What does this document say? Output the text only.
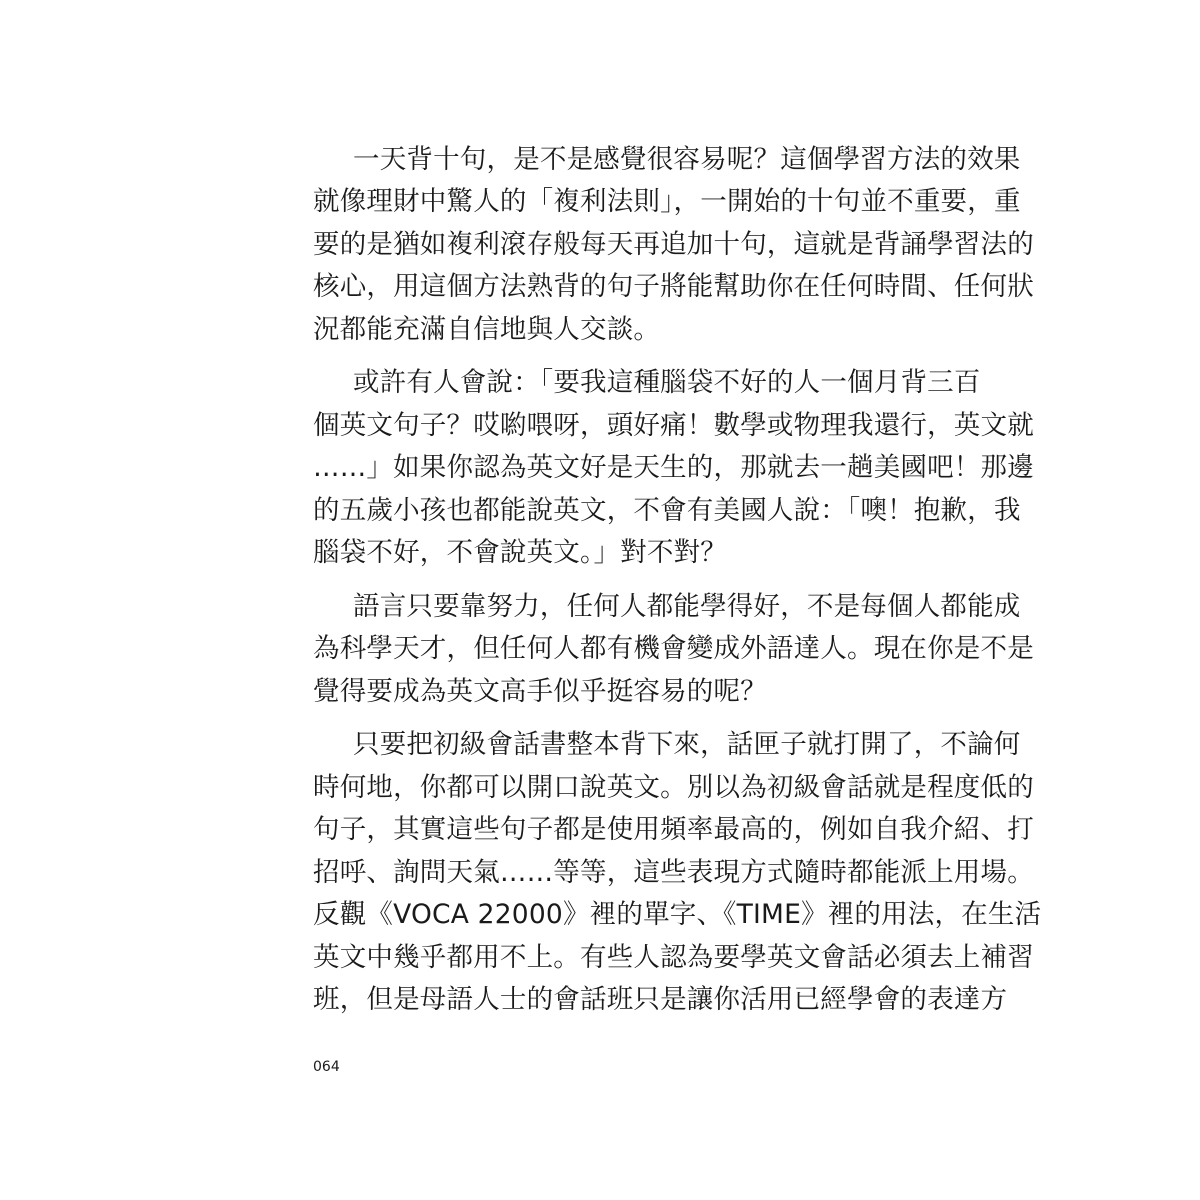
一天背十句，是不是感覺很容易呢？這個學習方法的效果
就像理財中驚人的「複利法則」，一開始的十句並不重要，重
要的是猶如複利滾存般每天再追加十句，這就是背誦學習法的
核心，用這個方法熟背的句子將能幫助你在任何時間、任何狀
況都能充滿自信地與人交談。
或許有人會說：「要我這種腦袋不好的人一個月背三百
個英文句子？哎喲喂呀，頭好痛！數學或物理我還行，英文就
……」如果你認為英文好是天生的，那就去一趟美國吧！那邊
的五歲小孩也都能說英文，不會有美國人說：「噢！抱歉，我
腦袋不好，不會說英文。」對不對？
語言只要靠努力，任何人都能學得好，不是每個人都能成
為科學天才，但任何人都有機會變成外語達人。現在你是不是
覺得要成為英文高手似乎挺容易的呢？
只要把初級會話書整本背下來，話匣子就打開了，不論何
時何地，你都可以開口說英文。別以為初級會話就是程度低的
句子，其實這些句子都是使用頻率最高的，例如自我介紹、打
招呼、詢問天氣……等等，這些表現方式隨時都能派上用場。
反觀《VOCA 22000》裡的單字、《TIME》裡的用法，在生活
英文中幾乎都用不上。有些人認為要學英文會話必須去上補習
班，但是母語人士的會話班只是讓你活用已經學會的表達方
064
